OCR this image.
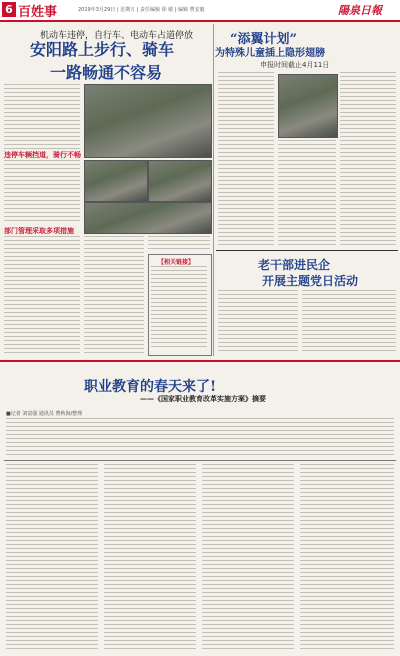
6 百姓事	2019年3月29日 | 星期五 | 责任编辑 徐 敏 | 编辑 曹安毅	陽泉日報
机动车违停，自行车、电动车占道停放
安阳路上步行、骑车
一路畅通不容易
违停车辆挡道，骑行不畅
部门管理采取多项措施
【相关链接】
“添翼计划”
为特殊儿童插上隐形翅膀
申报时间截止4月11日
老干部进民企
开展主题党日活动
职业教育的春天来了!
——《国家职业教育改革实施方案》摘要
■记者 刘富强 通讯员 曹秋海/整理
